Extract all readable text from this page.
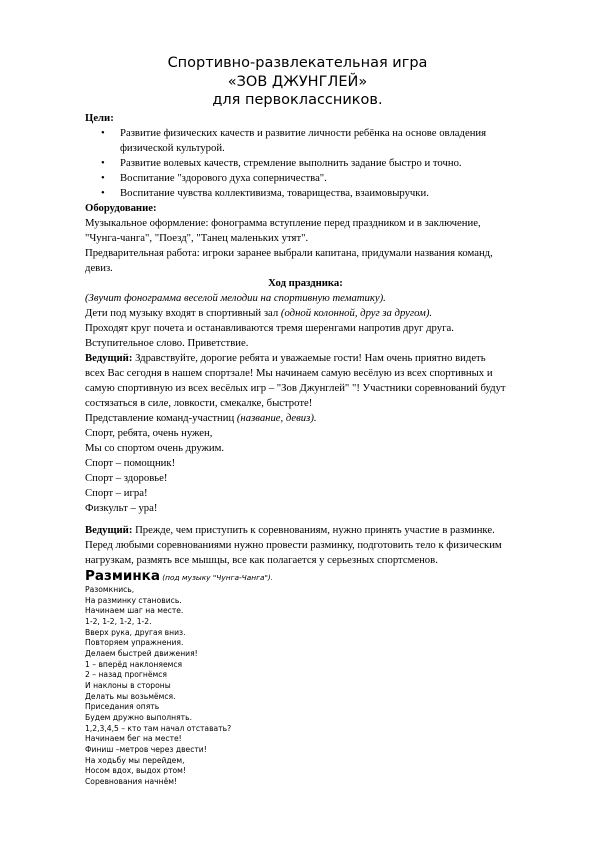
Спортивно-развлекательная игра
«ЗОВ ДЖУНГЛЕЙ»
для первоклассников.
Цели:
• Развитие физических качеств и развитие личности ребёнка на основе овладения
физической культурой.
• Развитие волевых качеств, стремление выполнить задание быстро и точно.
• Воспитание "здорового духа соперничества".
• Воспитание чувства коллективизма, товарищества, взаимовыручки.
Оборудование:
Музыкальное оформление: фонограмма вступление перед праздником и в заключение,
"Чунга-чанга", "Поезд", "Танец маленьких утят".
Предварительная работа: игроки заранее выбрали капитана, придумали названия команд,
девиз.
Ход праздника:
(Звучит фонограмма веселой мелодии на спортивную тематику).
Дети под музыку входят в спортивный зал (одной колонной, друг за другом).
Проходят круг почета и останавливаются тремя шеренгами напротив друг друга.
Вступительное слово. Приветствие.
Ведущий: Здравствуйте, дорогие ребята и уважаемые гости! Нам очень приятно видеть
всех Вас сегодня в нашем спортзале! Мы начинаем самую весёлую из всех спортивных и
самую спортивную из всех весёлых игр – "Зов Джунглей" "! Участники соревнований будут
состязаться в силе, ловкости, смекалке, быстроте!
Представление команд-участниц (название, девиз).
Спорт, ребята, очень нужен,
Мы со спортом очень дружим.
Спорт – помощник!
Спорт – здоровье!
Спорт – игра!
Физкульт – ура!
Ведущий: Прежде, чем приступить к соревнованиям, нужно принять участие в разминке.
Перед любыми соревнованиями нужно провести разминку, подготовить тело к физическим
нагрузкам, размять все мышцы, все как полагается у серьезных спортсменов.
Разминка (под музыку "Чунга-Чанга").
Разомкнись,
На разминку становись.
Начинаем шаг на месте.
1-2, 1-2, 1-2, 1-2.
Вверх рука, другая вниз.
Повторяем упражнения.
Делаем быстрей движения!
1 – вперёд наклоняемся
2 – назад прогнёмся
И наклоны в стороны
Делать мы возьмёмся.
Приседания опять
Будем дружно выполнять.
1,2,3,4,5 – кто там начал отставать?
Начинаем бег на месте!
Финиш –метров через двести!
На ходьбу мы перейдем,
Носом вдох, выдох ртом!
Соревнования начнём!
